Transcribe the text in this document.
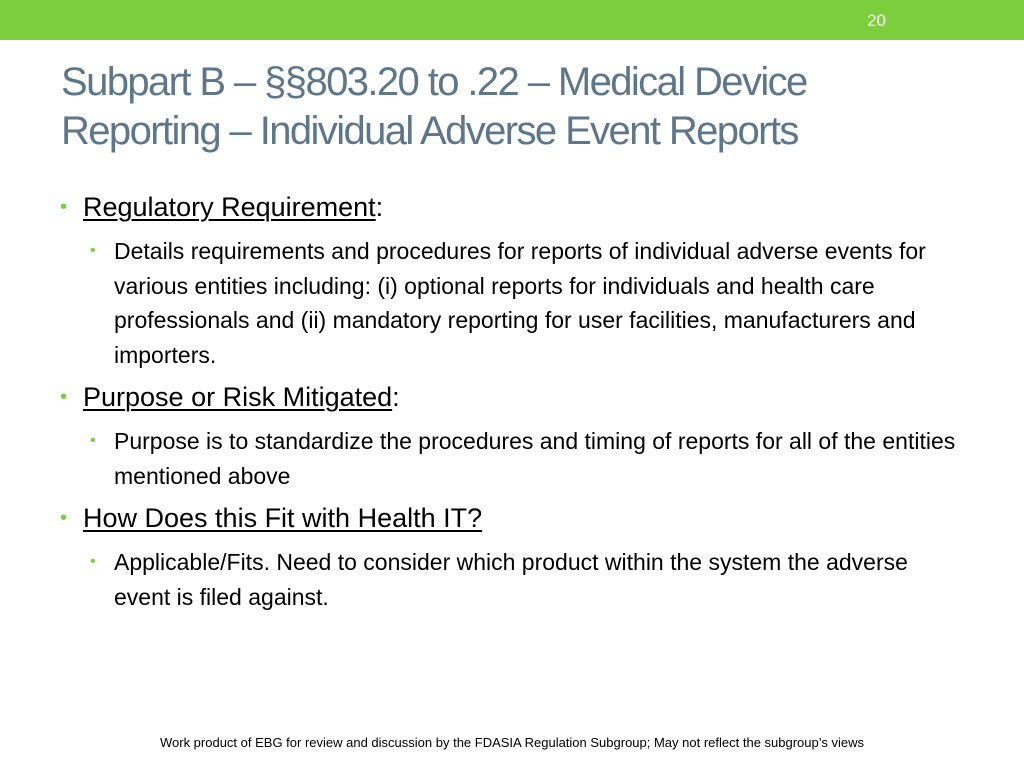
20
Subpart B – §§803.20 to .22 – Medical Device
Reporting – Individual Adverse Event Reports
• Regulatory Requirement:
• Details requirements and procedures for reports of individual adverse events for various entities including: (i) optional reports for individuals and health care professionals and (ii) mandatory reporting for user facilities, manufacturers and importers.
• Purpose or Risk Mitigated:
• Purpose is to standardize the procedures and timing of reports for all of the entities mentioned above
• How Does this Fit with Health IT?
• Applicable/Fits. Need to consider which product within the system the adverse event is filed against.
Work product of EBG for review and discussion by the FDASIA Regulation Subgroup; May not reflect the subgroup’s views
